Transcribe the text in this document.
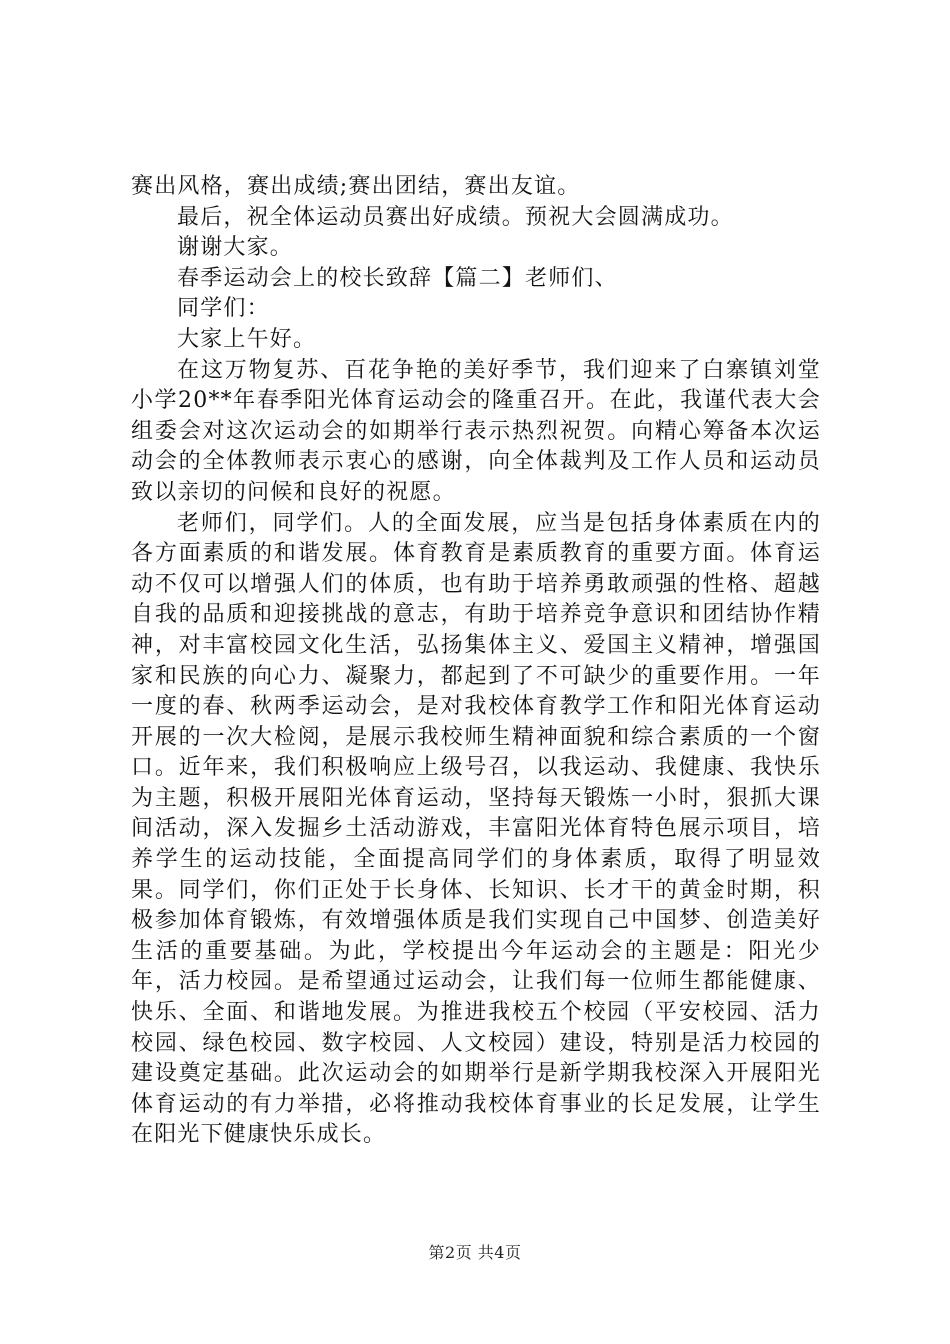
赛出风格，赛出成绩;赛出团结，赛出友谊。

最后，祝全体运动员赛出好成绩。预祝大会圆满成功。

谢谢大家。

春季运动会上的校长致辞【篇二】老师们、

同学们：

大家上午好。

在这万物复苏、百花争艳的美好季节，我们迎来了白寨镇刘堂小学20**年春季阳光体育运动会的隆重召开。在此，我谨代表大会组委会对这次运动会的如期举行表示热烈祝贺。向精心筹备本次运动会的全体教师表示衷心的感谢，向全体裁判及工作人员和运动员致以亲切的问候和良好的祝愿。

老师们，同学们。人的全面发展，应当是包括身体素质在内的各方面素质的和谐发展。体育教育是素质教育的重要方面。体育运动不仅可以增强人们的体质，也有助于培养勇敢顽强的性格、超越自我的品质和迎接挑战的意志，有助于培养竞争意识和团结协作精神，对丰富校园文化生活，弘扬集体主义、爱国主义精神，增强国家和民族的向心力、凝聚力，都起到了不可缺少的重要作用。一年一度的春、秋两季运动会，是对我校体育教学工作和阳光体育运动开展的一次大检阅，是展示我校师生精神面貌和综合素质的一个窗口。近年来，我们积极响应上级号召，以我运动、我健康、我快乐为主题，积极开展阳光体育运动，坚持每天锻炼一小时，狠抓大课间活动，深入发掘乡土活动游戏，丰富阳光体育特色展示项目，培养学生的运动技能，全面提高同学们的身体素质，取得了明显效果。同学们，你们正处于长身体、长知识、长才干的黄金时期，积极参加体育锻炼，有效增强体质是我们实现自己中国梦、创造美好生活的重要基础。为此，学校提出今年运动会的主题是：阳光少年，活力校园。是希望通过运动会，让我们每一位师生都能健康、快乐、全面、和谐地发展。为推进我校五个校园（平安校园、活力校园、绿色校园、数字校园、人文校园）建设，特别是活力校园的建设奠定基础。此次运动会的如期举行是新学期我校深入开展阳光体育运动的有力举措，必将推动我校体育事业的长足发展，让学生在阳光下健康快乐成长。

第2页 共4页
